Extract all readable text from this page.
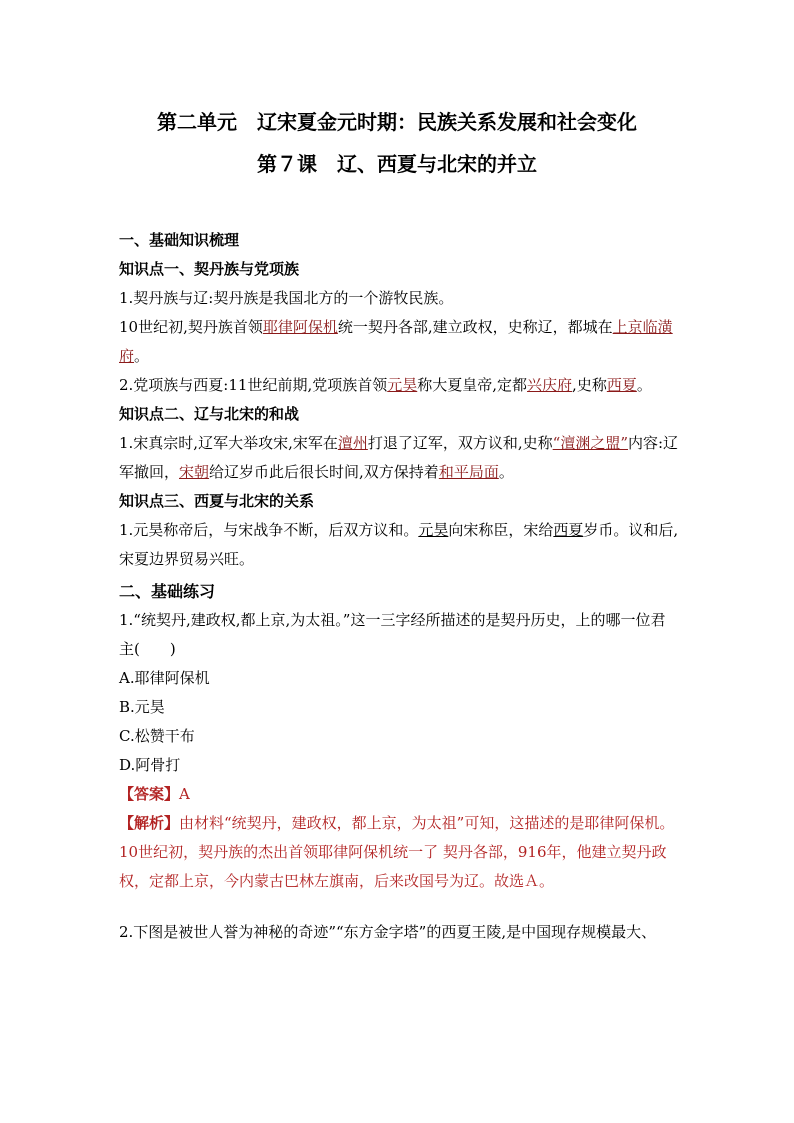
第二单元　辽宋夏金元时期：民族关系发展和社会变化
第７课　辽、西夏与北宋的并立

一、基础知识梳理

知识点一、契丹族与党项族

1.契丹族与辽:契丹族是我国北方的一个游牧民族。

10世纪初,契丹族首领耶律阿保机统一契丹各部,建立政权，史称辽，都城在上京临潢府。

2.党项族与西夏:11世纪前期,党项族首领元昊称大夏皇帝,定都兴庆府,史称西夏。

知识点二、辽与北宋的和战

1.宋真宗时,辽军大举攻宋,宋军在澶州打退了辽军，双方议和,史称“澶渊之盟”内容:辽军撤回，宋朝给辽岁币此后很长时间,双方保持着和平局面。

知识点三、西夏与北宋的关系

1.元昊称帝后，与宋战争不断，后双方议和。元昊向宋称臣，宋给西夏岁币。议和后,宋夏边界贸易兴旺。

二、基础练习

1.“统契丹,建政权,都上京,为太祖。”这一三字经所描述的是契丹历史，上的哪一位君主(　　)

A.耶律阿保机

B.元昊

C.松赞干布

D.阿骨打

【答案】A

【解析】由材料“统契丹，建政权，都上京，为太祖”可知，这描述的是耶律阿保机。10世纪初，契丹族的杰出首领耶律阿保机统一了 契丹各部，916年，他建立契丹政权，定都上京，今内蒙古巴林左旗南，后来改国号为辽。故选Ａ。

2.下图是被世人誉为神秘的奇迹”“东方金字塔”的西夏王陵,是中国现存规模最大、
